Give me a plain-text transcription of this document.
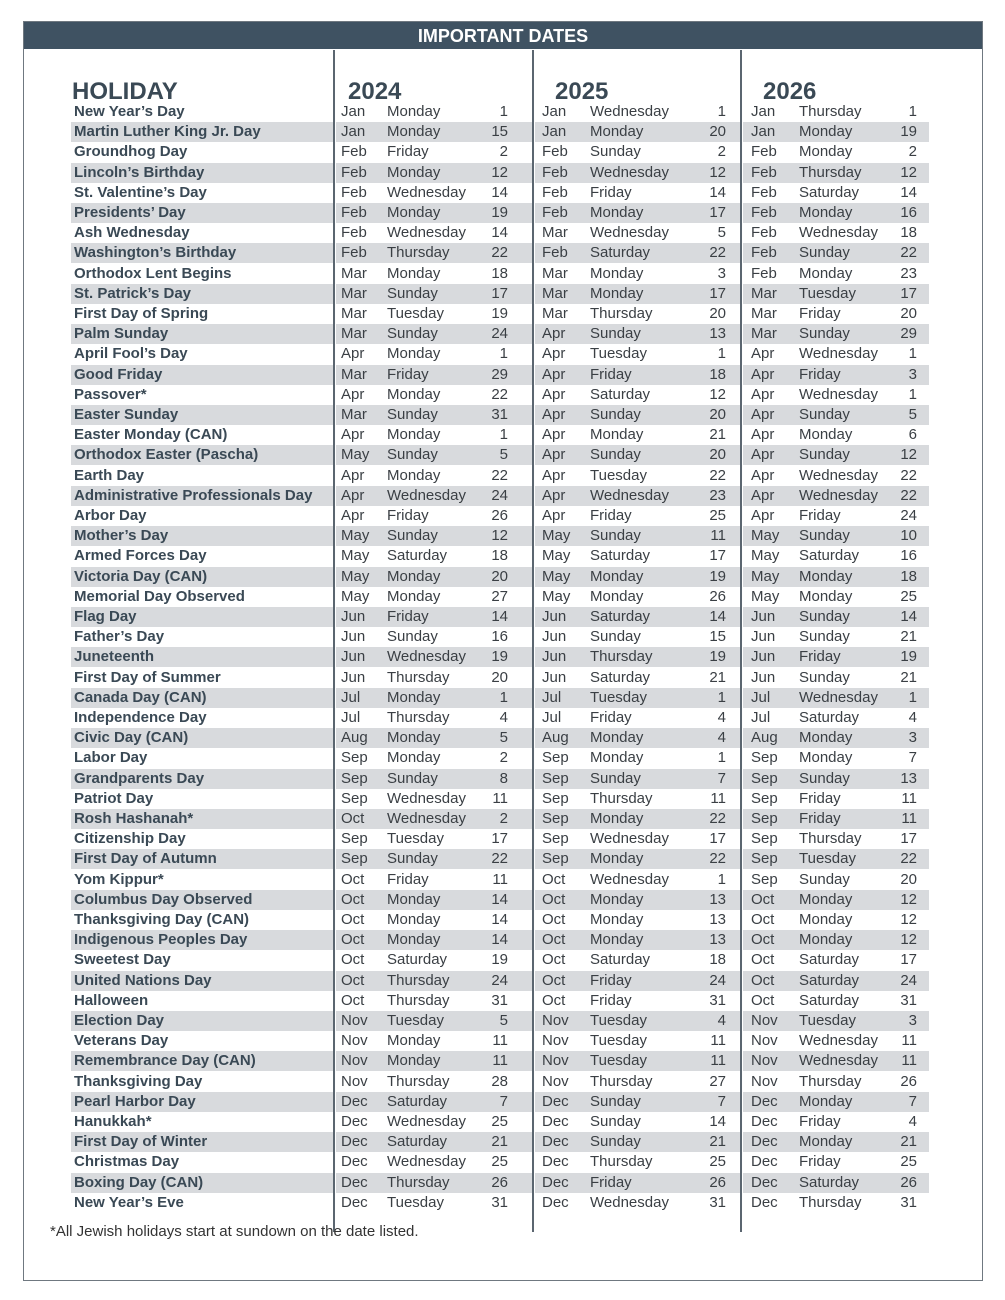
IMPORTANT DATES
HOLIDAY	2024	2025	2026
New Year’s Day	Jan Monday	1 Jan Wednesday	1 Jan Thursday	1
Martin Luther King Jr. Day	Jan Monday	15 Jan Monday	20 Jan Monday	19
Groundhog Day	Feb Friday	2 Feb Sunday	2 Feb Monday	2
Lincoln’s Birthday	Feb Monday	12 Feb Wednesday	12 Feb Thursday	12
St. Valentine’s Day	Feb Wednesday	14 Feb Friday	14 Feb Saturday	14
Presidents’ Day	Feb Monday	19 Feb Monday	17 Feb Monday	16
Ash Wednesday	Feb Wednesday	14 Mar Wednesday	5 Feb Wednesday	18
Washington’s Birthday	Feb Thursday	22 Feb Saturday	22 Feb Sunday	22
Orthodox Lent Begins	Mar Monday	18 Mar Monday	3 Feb Monday	23
St. Patrick’s Day	Mar Sunday	17 Mar Monday	17 Mar Tuesday	17
First Day of Spring	Mar Tuesday	19 Mar Thursday	20 Mar Friday	20
Palm Sunday	Mar Sunday	24 Apr Sunday	13 Mar Sunday	29
April Fool’s Day	Apr Monday	1 Apr Tuesday	1 Apr Wednesday	1
Good Friday	Mar Friday	29 Apr Friday	18 Apr Friday	3
Passover*	Apr Monday	22 Apr Saturday	12 Apr Wednesday	1
Easter Sunday	Mar Sunday	31 Apr Sunday	20 Apr Sunday	5
Easter Monday (CAN)	Apr Monday	1 Apr Monday	21 Apr Monday	6
Orthodox Easter (Pascha)	May Sunday	5 Apr Sunday	20 Apr Sunday	12
Earth Day	Apr Monday	22 Apr Tuesday	22 Apr Wednesday	22
Administrative Professionals Day Apr Wednesday	24 Apr Wednesday	23 Apr Wednesday	22
Arbor Day	Apr Friday	26 Apr Friday	25 Apr Friday	24
Mother’s Day	May Sunday	12 May Sunday	11 May Sunday	10
Armed Forces Day	May Saturday	18 May Saturday	17 May Saturday	16
Victoria Day (CAN)	May Monday	20 May Monday	19 May Monday	18
Memorial Day Observed	May Monday	27 May Monday	26 May Monday	25
Flag Day	Jun Friday	14 Jun Saturday	14 Jun Sunday	14
Father’s Day	Jun Sunday	16 Jun Sunday	15 Jun Sunday	21
Juneteenth	Jun Wednesday	19 Jun Thursday	19 Jun Friday	19
First Day of Summer	Jun Thursday	20 Jun Saturday	21 Jun Sunday	21
Canada Day (CAN)	Jul Monday	1 Jul Tuesday	1 Jul Wednesday	1
Independence Day	Jul Thursday	4 Jul Friday	4 Jul Saturday	4
Civic Day (CAN)	Aug Monday	5 Aug Monday	4 Aug Monday	3
Labor Day	Sep Monday	2 Sep Monday	1 Sep Monday	7
Grandparents Day	Sep Sunday	8 Sep Sunday	7 Sep Sunday	13
Patriot Day	Sep Wednesday	11 Sep Thursday	11 Sep Friday	11
Rosh Hashanah*	Oct Wednesday	2 Sep Monday	22 Sep Friday	11
Citizenship Day	Sep Tuesday	17 Sep Wednesday	17 Sep Thursday	17
First Day of Autumn	Sep Sunday	22 Sep Monday	22 Sep Tuesday	22
Yom Kippur*	Oct Friday	11 Oct Wednesday	1 Sep Sunday	20
Columbus Day Observed	Oct Monday	14 Oct Monday	13 Oct Monday	12
Thanksgiving Day (CAN)	Oct Monday	14 Oct Monday	13 Oct Monday	12
Indigenous Peoples Day	Oct Monday	14 Oct Monday	13 Oct Monday	12
Sweetest Day	Oct Saturday	19 Oct Saturday	18 Oct Saturday	17
United Nations Day	Oct Thursday	24 Oct Friday	24 Oct Saturday	24
Halloween	Oct Thursday	31 Oct Friday	31 Oct Saturday	31
Election Day	Nov Tuesday	5 Nov Tuesday	4 Nov Tuesday	3
Veterans Day	Nov Monday	11 Nov Tuesday	11 Nov Wednesday	11
Remembrance Day (CAN)	Nov Monday	11 Nov Tuesday	11 Nov Wednesday	11
Thanksgiving Day	Nov Thursday	28 Nov Thursday	27 Nov Thursday	26
Pearl Harbor Day	Dec Saturday	7 Dec Sunday	7 Dec Monday	7
Hanukkah*	Dec Wednesday	25 Dec Sunday	14 Dec Friday	4
First Day of Winter	Dec Saturday	21 Dec Sunday	21 Dec Monday	21
Christmas Day	Dec Wednesday	25 Dec Thursday	25 Dec Friday	25
Boxing Day (CAN)	Dec Thursday	26 Dec Friday	26 Dec Saturday	26
New Year’s Eve	Dec Tuesday	31 Dec Wednesday	31 Dec Thursday	31
*All Jewish holidays start at sundown on the date listed.
